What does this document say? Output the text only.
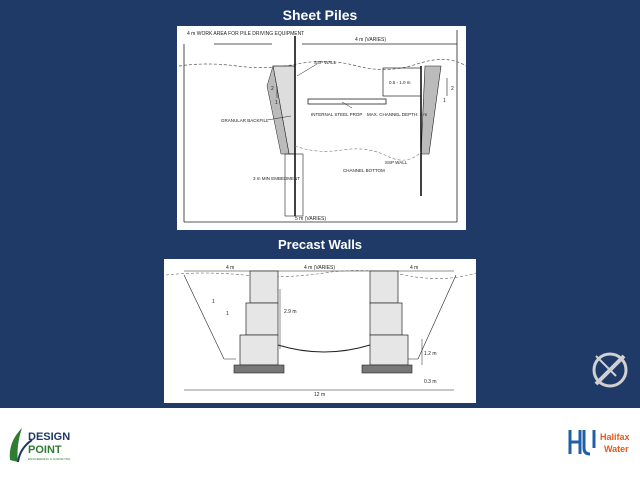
Sheet Piles
4 m WORK AREA FOR PILE DRIVING EQUIPMENT
4 m (VARIES)
SSP WALL
GRANULAR BACKFILL
INTERNAL STEEL PROP MAX. CHANNEL DEPTH: 3 m
0.5 - 1.0 m
SSP WALL
CHANNEL BOTTOM
3 m MIN EMBEDMENT
5 m (VARIES)
2
1
2
1
Precast Walls
4 m	4 m (VARIES)	4 m
2.9 m
1
1
1.2 m
0.3 m
12 m
DESIGN
POINT
ENGINEERING & SURVEYING
Halifax
Water
